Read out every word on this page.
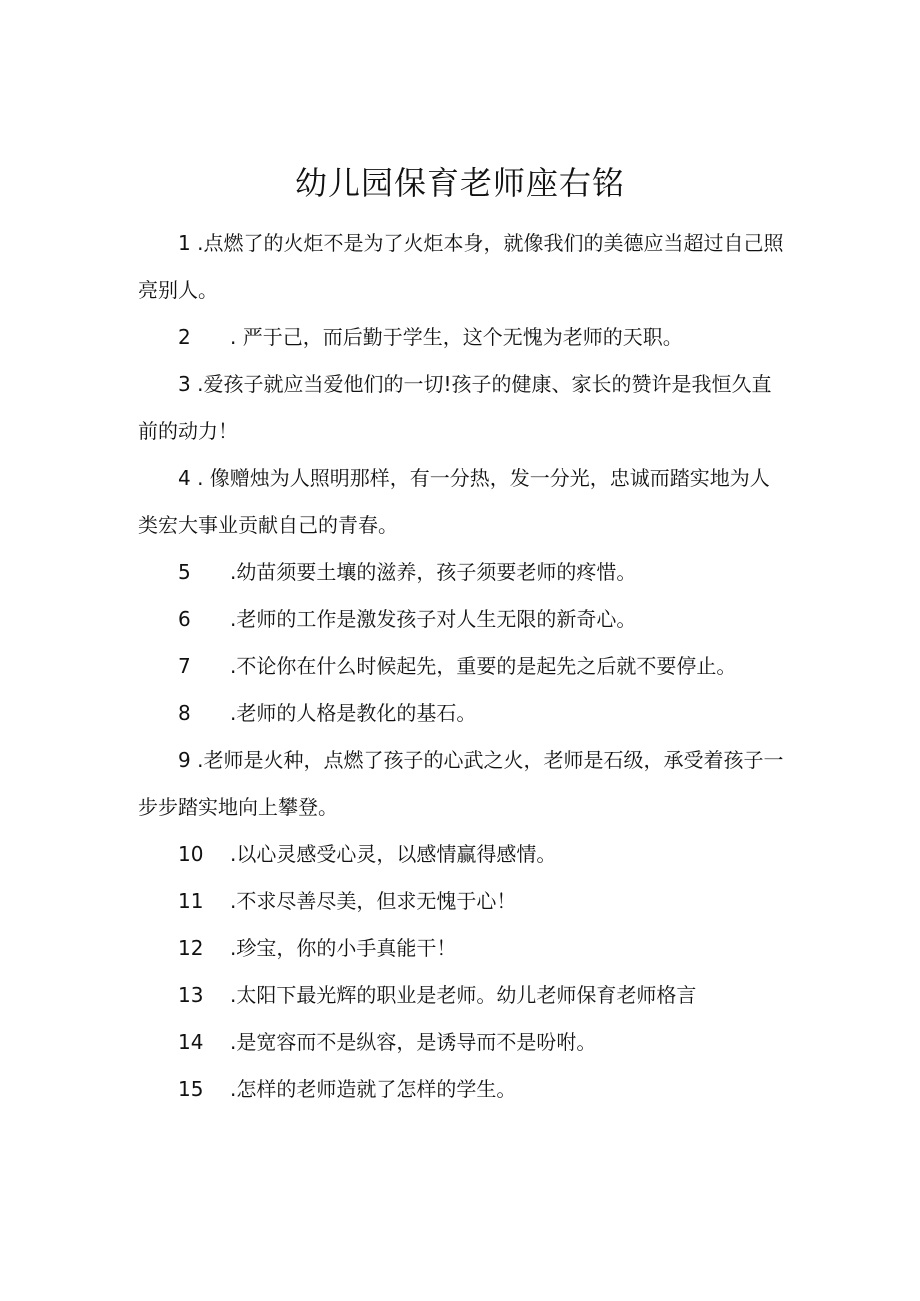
幼儿园保育老师座右铭

1 .点燃了的火炬不是为了火炬本身，就像我们的美德应当超过自己照亮别人。

2 . 严于己，而后勤于学生，这个无愧为老师的天职。

3 .爱孩子就应当爱他们的一切!孩子的健康、家长的赞许是我恒久直前的动力！

4 . 像赠烛为人照明那样，有一分热，发一分光，忠诚而踏实地为人类宏大事业贡献自己的青春。

5 .幼苗须要土壤的滋养，孩子须要老师的疼惜。

6 .老师的工作是激发孩子对人生无限的新奇心。

7 .不论你在什么时候起先，重要的是起先之后就不要停止。

8 .老师的人格是教化的基石。

9 .老师是火种，点燃了孩子的心武之火，老师是石级，承受着孩子一步步踏实地向上攀登。

10 .以心灵感受心灵，以感情赢得感情。

11 .不求尽善尽美，但求无愧于心！

12 .珍宝，你的小手真能干！

13 .太阳下最光辉的职业是老师。幼儿老师保育老师格言

14 .是宽容而不是纵容，是诱导而不是吩咐。

15 .怎样的老师造就了怎样的学生。
